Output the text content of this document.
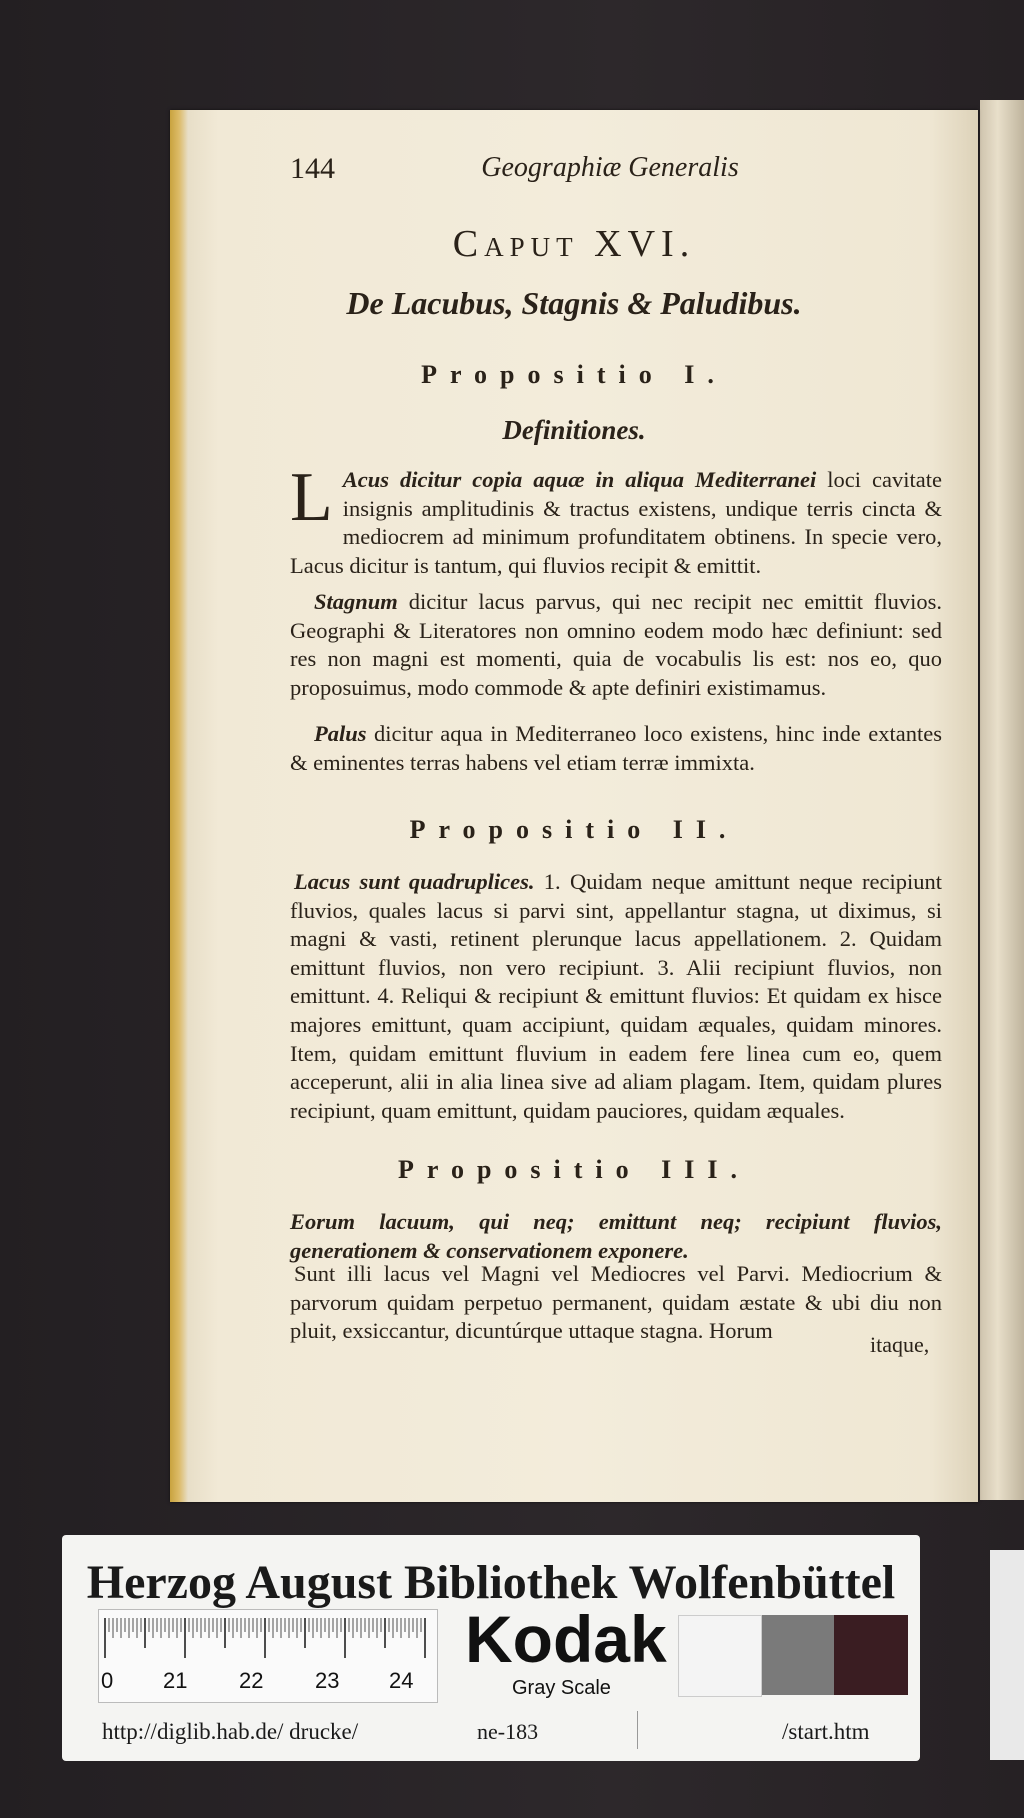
144	Geographiæ Generalis
Caput XVI.
De Lacubus, Stagnis & Paludibus.
Propositio I.
Definitiones.

L Acus dicitur copia aquæ in aliqua Mediterranei loci cavitate insignis amplitudinis & tractus existens, undique terris cincta & mediocrem ad minimum profunditatem obtinens. In specie vero, Lacus dicitur is tantum, qui fluvios recipit & emittit.

Stagnum dicitur lacus parvus, qui nec recipit nec emittit fluvios. Geographi & Literatores non omnino eodem modo hæc definiunt: sed res non magni est momenti, quia de vocabulis lis est: nos eo, quo proposuimus, modo commode & apte definiri existimamus.

Palus dicitur aqua in Mediterraneo loco existens, hinc inde extantes & eminentes terras habens vel etiam terræ immixta.

Propositio II.

Lacus sunt quadruplices. 1. Quidam neque amittunt neque recipiunt fluvios, quales lacus si parvi sint, appellantur stagna, ut diximus, si magni & vasti, retinent plerunque lacus appellationem. 2. Quidam emittunt fluvios, non vero recipiunt. 3. Alii recipiunt fluvios, non emittunt. 4. Reliqui & recipiunt & emittunt fluvios: Et quidam ex hisce majores emittunt, quam accipiunt, quidam æquales, quidam minores. Item, quidam emittunt fluvium in eadem fere linea cum eo, quem acceperunt, alii in alia linea sive ad aliam plagam. Item, quidam plures recipiunt, quam emittunt, quidam pauciores, quidam æquales.

Propositio III.

Eorum lacuum, qui neq; emittunt neq; recipiunt fluvios, generationem & conservationem exponere.

Sunt illi lacus vel Magni vel Mediocres vel Parvi. Mediocrium & parvorum quidam perpetuo permanent, quidam æstate & ubi diu non pluit, exsiccantur, dicuntúrque uttaque stagna. Horum

itaque,
Herzog August Bibliothek Wolfenbüttel
0 21 22 23 24
Kodak
Gray Scale
http://diglib.hab.de/ drucke/	ne-183	/start.htm
